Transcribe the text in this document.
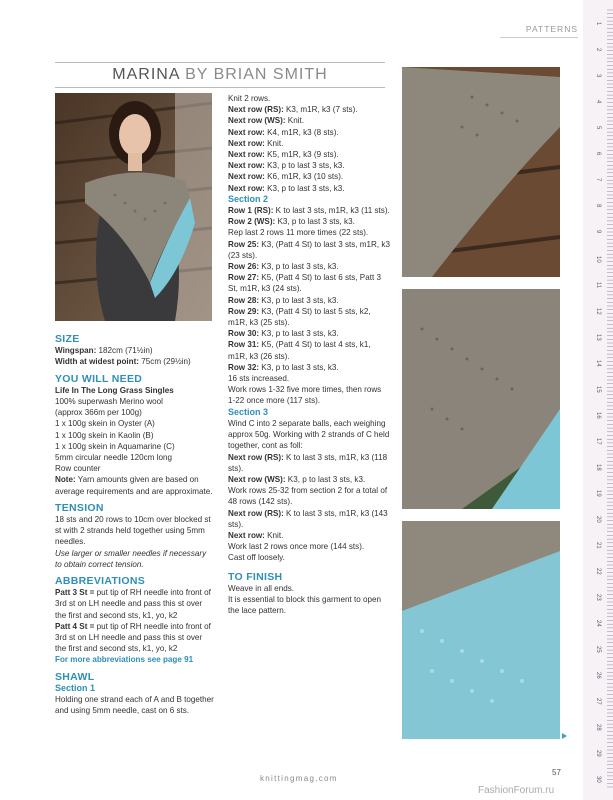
PATTERNS
MARINA BY BRIAN SMITH

SIZE

Wingspan: 182cm (71½in)

Width at widest point: 75cm (29½in)

YOU WILL NEED

Life In The Long Grass Singles

100% superwash Merino wool

(approx 366m per 100g)

1 x 100g skein in Oyster (A)

1 x 100g skein in Kaolin (B)

1 x 100g skein in Aquamarine (C)

5mm circular needle 120cm long

Row counter

Note: Yarn amounts given are based on average requirements and are approximate.

TENSION

18 sts and 20 rows to 10cm over blocked st st with 2 strands held together using 5mm needles.

Use larger or smaller needles if necessary to obtain correct tension.

ABBREVIATIONS

Patt 3 St = put tip of RH needle into front of 3rd st on LH needle and pass this st over the first and second sts, k1, yo, k2

Patt 4 St = put tip of RH needle into front of 3rd st on LH needle and pass this st over the first and second sts, k1, yo, k2

For more abbreviations see page 91

SHAWL

Section 1

Holding one strand each of A and B together and using 5mm needle, cast on 6 sts.

Knit 2 rows.

Next row (RS): K3, m1R, k3 (7 sts).

Next row (WS): Knit.

Next row: K4, m1R, k3 (8 sts).

Next row: Knit.

Next row: K5, m1R, k3 (9 sts).

Next row: K3, p to last 3 sts, k3.

Next row: K6, m1R, k3 (10 sts).

Next row: K3, p to last 3 sts, k3.

Section 2

Row 1 (RS): K to last 3 sts, m1R, k3 (11 sts).

Row 2 (WS): K3, p to last 3 sts, k3.

Rep last 2 rows 11 more times (22 sts).

Row 25: K3, (Patt 4 St) to last 3 sts, m1R, k3 (23 sts).

Row 26: K3, p to last 3 sts, k3.

Row 27: K5, (Patt 4 St) to last 6 sts, Patt 3 St, m1R, k3 (24 sts).

Row 28: K3, p to last 3 sts, k3.

Row 29: K3, (Patt 4 St) to last 5 sts, k2, m1R, k3 (25 sts).

Row 30: K3, p to last 3 sts, k3.

Row 31: K5, (Patt 4 St) to last 4 sts, k1, m1R, k3 (26 sts).

Row 32: K3, p to last 3 sts, k3.

16 sts increased.

Work rows 1-32 five more times, then rows 1-22 once more (117 sts).

Section 3

Wind C into 2 separate balls, each weighing approx 50g. Working with 2 strands of C held together, cont as foll:

Next row (RS): K to last 3 sts, m1R, k3 (118 sts).

Next row (WS): K3, p to last 3 sts, k3.

Work rows 25-32 from section 2 for a total of 48 rows (142 sts).

Next row (RS): K to last 3 sts, m1R, k3 (143 sts).

Next row: Knit.

Work last 2 rows once more (144 sts).

Cast off loosely.

TO FINISH

Weave in all ends.

It is essential to block this garment to open the lace pattern.

1
2
3
4
5
6
7
8
9
10
11
12
13
14
15
16
17
18
19
20
21
22
23
24
25
26
27
28
29
30
knittingmag.com
57
FashionForum.ru
